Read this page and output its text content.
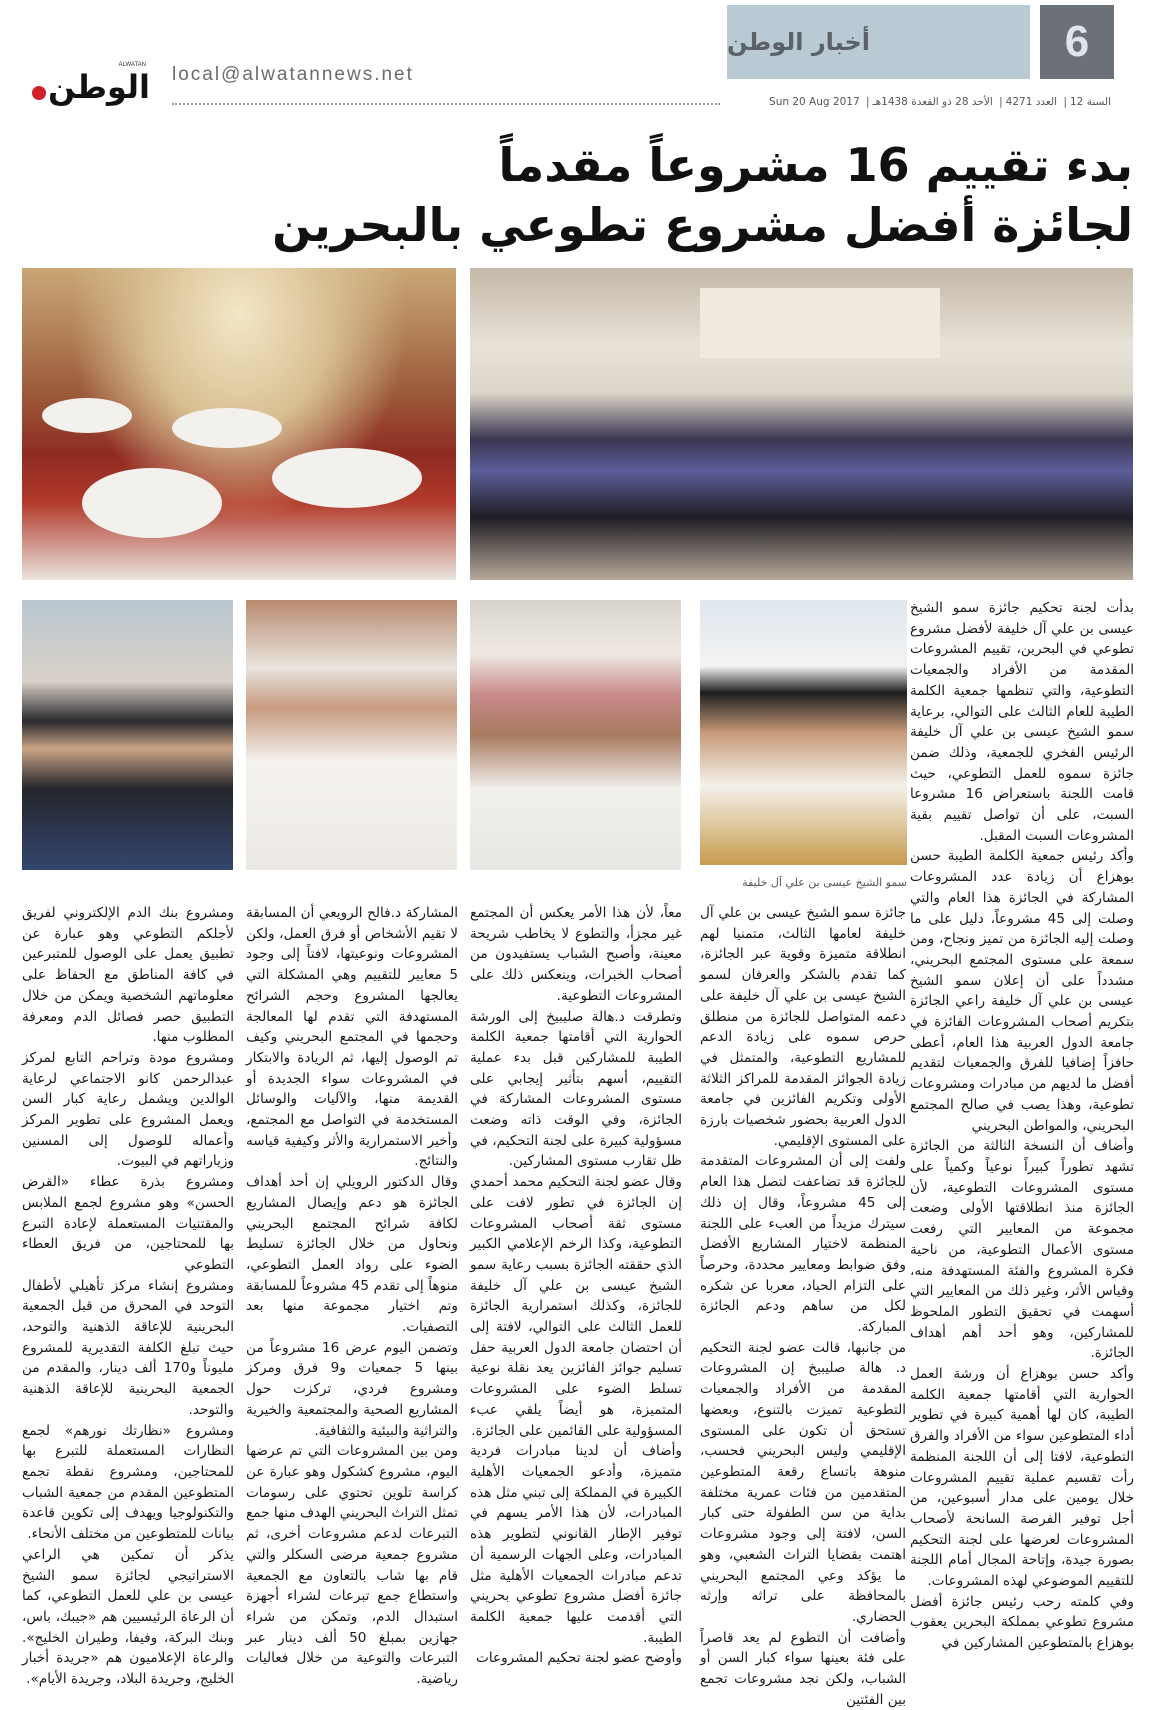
6
أخبار الوطن
ALWATAN
الوطن local@alwatannews.net
السنة 12| العدد 4271| الأحد 28 ذو القعدة 1438هـ| Sun 20 Aug 2017
بدء تقييم 16 مشروعاً مقدماً
لجائزة أفضل مشروع تطوعي بالبحرين
سمو الشيخ عيسى بن علي آل خليفة

بدأت لجنة تحكيم جائزة سمو الشيخ عيسى بن علي آل خليفة لأفضل مشروع تطوعي في البحرين، تقييم المشروعات المقدمة من الأفراد والجمعيات التطوعية، والتي تنظمها جمعية الكلمة الطيبة للعام الثالث على التوالي، برعاية سمو الشيخ عيسى بن علي آل خليفة الرئيس الفخري للجمعية، وذلك ضمن جائزة سموه للعمل التطوعي، حيث قامت اللجنة باستعراض 16 مشروعا السبت، على أن تواصل تقييم بقية المشروعات السبت المقبل.

وأكد رئيس جمعية الكلمة الطيبة حسن بوهزاع أن زيادة عدد المشروعات المشاركة في الجائزة هذا العام والتي وصلت إلى 45 مشروعاً، دليل على ما وصلت إليه الجائزة من تميز ونجاح، ومن سمعة على مستوى المجتمع البحريني، مشدداً على أن إعلان سمو الشيخ عيسى بن علي آل خليفة راعي الجائزة بتكريم أصحاب المشروعات الفائزة في جامعة الدول العربية هذا العام، أعطى حافزاً إضافيا للفرق والجمعيات لتقديم أفضل ما لديهم من مبادرات ومشروعات تطوعية، وهذا يصب في صالح المجتمع البحريني، والمواطن البحريني

وأضاف أن النسخة الثالثة من الجائزة تشهد تطوراً كبيراً نوعياً وكمياً على مستوى المشروعات التطوعية، لأن الجائزة منذ انطلاقتها الأولى وضعت مجموعة من المعايير التي رفعت مستوى الأعمال التطوعية، من ناحية فكرة المشروع والفئة المستهدفة منه، وقياس الأثر، وغير ذلك من المعايير التي أسهمت في تحقيق التطور الملحوظ للمشاركين، وهو أحد أهم أهداف الجائزة.

وأكد حسن بوهزاع أن ورشة العمل الحوارية التي أقامتها جمعية الكلمة الطيبة، كان لها أهمية كبيرة في تطوير أداء المتطوعين سواء من الأفراد والفرق التطوعية، لافتا إلى أن اللجنة المنظمة رأت تقسيم عملية تقييم المشروعات خلال يومين على مدار أسبوعين، من أجل توفير الفرصة السانحة لأصحاب المشروعات لعرضها على لجنة التحكيم بصورة جيدة، وإتاحة المجال أمام اللجنة للتقييم الموضوعي لهذه المشروعات.

وفي كلمته رحب رئيس جائزة أفضل مشروع تطوعي بمملكة البحرين يعقوب بوهزاع بالمتطوعين المشاركين في

جائزة سمو الشيخ عيسى بن علي آل خليفة لعامها الثالث، متمنيا لهم انطلاقة متميزة وقوية عبر الجائزة، كما تقدم بالشكر والعرفان لسمو الشيخ عيسى بن علي آل خليفة على دعمه المتواصل للجائزة من منطلق حرص سموه على زيادة الدعم للمشاريع التطوعية، والمتمثل في زيادة الجوائز المقدمة للمراكز الثلاثة الأولى وتكريم الفائزين في جامعة الدول العربية بحضور شخصيات بارزة على المستوى الإقليمي.

ولفت إلى أن المشروعات المتقدمة للجائزة قد تضاعفت لتصل هذا العام إلى 45 مشروعاً، وقال إن ذلك سيترك مزيداً من العبء على اللجنة المنظمة لاختيار المشاريع الأفضل وفق ضوابط ومعايير محددة، وحرصاً على التزام الحياد، معربا عن شكره لكل من ساهم ودعم الجائزة المباركة.

من جانبها، قالت عضو لجنة التحكيم د. هالة صليبيخ إن المشروعات المقدمة من الأفراد والجمعيات التطوعية تميزت بالتنوع، وبعضها تستحق أن تكون على المستوى الإقليمي وليس البحريني فحسب، منوهة باتساع رقعة المتطوعين المتقدمين من فئات عمرية مختلفة بداية من سن الطفولة حتى كبار السن، لافتة إلى وجود مشروعات اهتمت بقضايا التراث الشعبي، وهو ما يؤكد وعي المجتمع البحريني بالمحافظة على تراثه وإرثه الحضاري.

وأضافت أن التطوع لم يعد قاصراً على فئة بعينها سواء كبار السن أو الشباب، ولكن نجد مشروعات تجمع بين الفئتين

معاً، لأن هذا الأمر يعكس أن المجتمع غير مجزأ، والتطوع لا يخاطب شريحة معينة، وأصبح الشباب يستفيدون من أصحاب الخبرات، وينعكس ذلك على المشروعات التطوعية.

وتطرقت د.هالة صليبيخ إلى الورشة الحوارية التي أقامتها جمعية الكلمة الطيبة للمشاركين قبل بدء عملية التقييم، أسهم بتأثير إيجابي على مستوى المشروعات المشاركة في الجائزة، وفي الوقت ذاته وضعت مسؤولية كبيرة على لجنة التحكيم، في ظل تقارب مستوى المشاركين.

وقال عضو لجنة التحكيم محمد أحمدي إن الجائزة في تطور لافت على مستوى ثقة أصحاب المشروعات التطوعية، وكذا الرخم الإعلامي الكبير الذي حققته الجائزة بسبب رعاية سمو الشيخ عيسى بن علي آل خليفة للجائزة، وكذلك استمرارية الجائزة للعمل الثالث على التوالي، لافتة إلى أن احتضان جامعة الدول العربية حفل تسليم جوائز الفائزين يعد نقلة نوعية تسلط الضوء على المشروعات المتميزة، هو أيضاً يلقي عبء المسؤولية على القائمين على الجائزة.

وأضاف أن لدينا مبادرات فردية متميزة، وأدعو الجمعيات الأهلية الكبيرة في المملكة إلى تبني مثل هذه المبادرات، لأن هذا الأمر يسهم في توفير الإطار القانوني لتطوير هذه المبادرات، وعلى الجهات الرسمية أن تدعم مبادرات الجمعيات الأهلية مثل جائزة أفضل مشروع تطوعي بحريني التي أقدمت عليها جمعية الكلمة الطيبة.

وأوضح عضو لجنة تحكيم المشروعات

المشاركة د.فالح الرويعي أن المسابقة لا تقيم الأشخاص أو فرق العمل، ولكن المشروعات ونوعيتها، لافتاً إلى وجود 5 معايير للتقييم وهي المشكلة التي يعالجها المشروع وحجم الشرائح المستهدفة التي تقدم لها المعالجة وحجمها في المجتمع البحريني وكيف تم الوصول إليها، ثم الريادة والابتكار في المشروعات سواء الجديدة أو القديمة منها، والآليات والوسائل المستخدمة في التواصل مع المجتمع، وأخير الاستمرارية والأثر وكيفية قياسه والنتائج.

وقال الدكتور الرويلي إن أحد أهداف الجائزة هو دعم وإيصال المشاريع لكافة شرائح المجتمع البحريني ونحاول من خلال الجائزة تسليط الضوء على رواد العمل التطوعي، منوهاً إلى تقدم 45 مشروعاً للمسابقة وتم اختيار مجموعة منها بعد التصفيات.

وتضمن اليوم عرض 16 مشروعاً من بينها 5 جمعيات و9 فرق ومركز ومشروع فردي، تركزت حول المشاريع الصحية والمجتمعية والخيرية والتراثية والبيئية والثقافية.

ومن بين المشروعات التي تم عرضها اليوم، مشروع كشكول وهو عبارة عن كراسة تلوين تحتوي على رسومات تمثل التراث البحريني الهدف منها جمع التبرعات لدعم مشروعات أخرى، ثم مشروع جمعية مرضى السكلر والتي قام بها شاب بالتعاون مع الجمعية واستطاع جمع تبرعات لشراء أجهزة استبدال الدم، وتمكن من شراء جهازين بمبلغ 50 ألف دينار عبر التبرعات والتوعية من خلال فعاليات رياضية.

ومشروع بنك الدم الإلكتروني لفريق لأجلكم التطوعي وهو عبارة عن تطبيق يعمل على الوصول للمتبرعين في كافة المناطق مع الحفاظ على معلوماتهم الشخصية ويمكن من خلال التطبيق حصر فصائل الدم ومعرفة المطلوب منها.

ومشروع مودة وتراحم التابع لمركز عبدالرحمن كانو الاجتماعي لرعاية الوالدين ويشمل رعاية كبار السن ويعمل المشروع على تطوير المركز وأعماله للوصول إلى المسنين وزياراتهم في البيوت.

ومشروع بذرة عطاء «القرض الحسن» وهو مشروع لجمع الملابس والمقتنيات المستعملة لإعادة التبرع بها للمحتاجين، من فريق العطاء التطوعي

ومشروع إنشاء مركز تأهيلي لأطفال التوحد في المحرق من قبل الجمعية البحرينية للإعاقة الذهنية والتوحد، حيث تبلغ الكلفة التقديرية للمشروع مليوناً و170 ألف دينار، والمقدم من الجمعية البحرينية للإعاقة الذهنية والتوحد.

ومشروع «نظارتك نورهم» لجمع النظارات المستعملة للتبرع بها للمحتاجين، ومشروع نقطة تجمع المتطوعين المقدم من جمعية الشباب والتكنولوجيا ويهدف إلى تكوين قاعدة بيانات للمتطوعين من مختلف الأنحاء.

يذكر أن تمكين هي الراعي الاستراتيجي لجائزة سمو الشيخ عيسى بن علي للعمل التطوعي، كما أن الرعاة الرئيسيين هم «جيبك، باس، وبنك البركة، وفيفا، وطيران الخليج». والرعاة الإعلاميون هم «جريدة أخبار الخليج، وجريدة البلاد، وجريدة الأيام».
